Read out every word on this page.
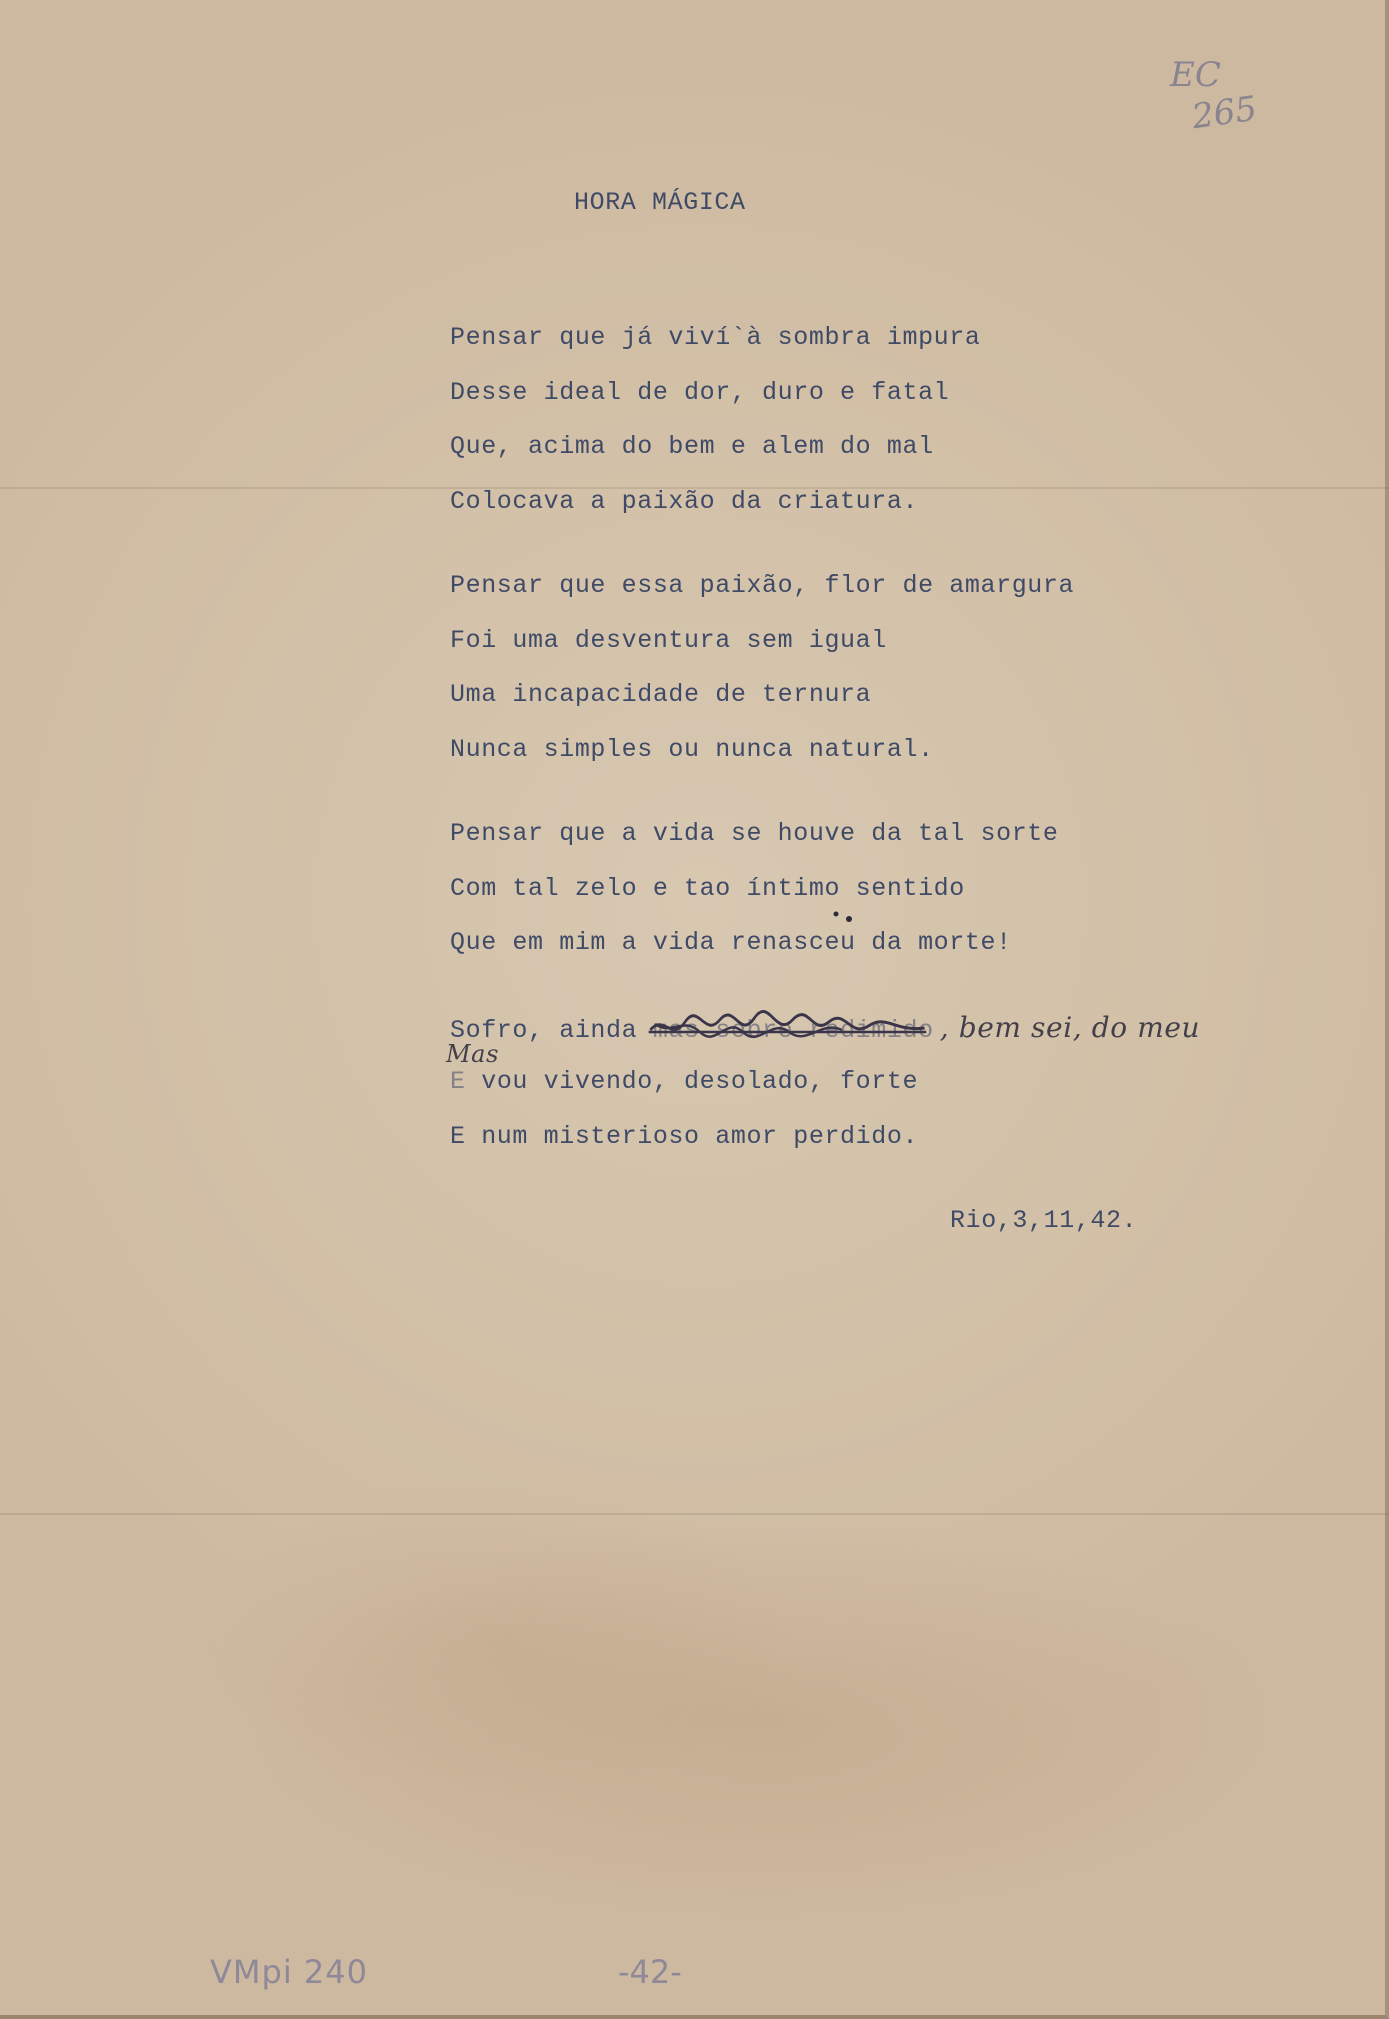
EC
265
HORA MÁGICA
Pensar que já viví`à sombra impura
Desse ideal de dor, duro e fatal
Que, acima do bem e alem do mal
Colocava a paixão da criatura.
Pensar que essa paixão, flor de amargura
Foi uma desventura sem igual
Uma incapacidade de ternura
Nunca simples ou nunca natural.
Pensar que a vida se houve da tal sorte
Com tal zelo e tao íntimo sentido
Que em mim a vida renasceu da morte!
Sofro, ainda mas sobre redimido , bem sei, do meu
Mas
E vou vivendo, desolado, forte
E num misterioso amor perdido.
Rio,3,11,42.
VMpi 240	-42-
